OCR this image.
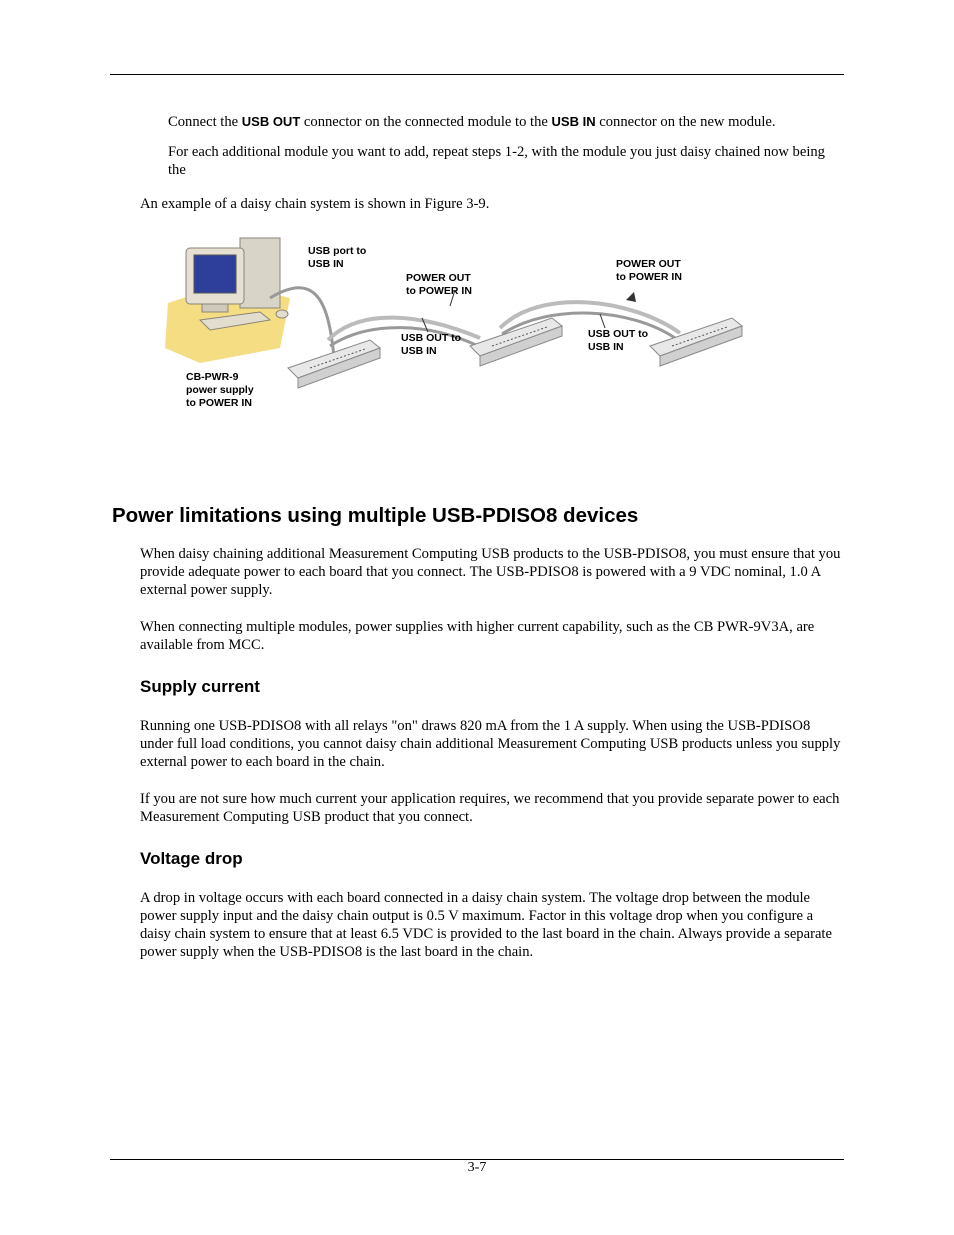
Connect the USB OUT connector on the connected module to the USB IN connector on the new module.

For each additional module you want to add, repeat steps 1-2, with the module you just daisy chained now being the

An example of a daisy chain system is shown in Figure 3-9.

USB port to
USB IN
POWER OUT
to POWER IN
POWER OUT
to POWER IN
USB OUT to
USB IN
USB OUT to
USB IN
CB-PWR-9
power supply
to POWER IN
Power limitations using multiple USB-PDISO8 devices

When daisy chaining additional Measurement Computing USB products to the USB-PDISO8, you must ensure that you provide adequate power to each board that you connect. The USB-PDISO8 is powered with a 9 VDC nominal, 1.0 A external power supply.

When connecting multiple modules, power supplies with higher current capability, such as the CB PWR-9V3A, are available from MCC.

Supply current

Running one USB-PDISO8 with all relays "on" draws 820 mA from the 1 A supply. When using the USB-PDISO8 under full load conditions, you cannot daisy chain additional Measurement Computing USB products unless you supply external power to each board in the chain.

If you are not sure how much current your application requires, we recommend that you provide separate power to each Measurement Computing USB product that you connect.

Voltage drop

A drop in voltage occurs with each board connected in a daisy chain system. The voltage drop between the module power supply input and the daisy chain output is 0.5 V maximum. Factor in this voltage drop when you configure a daisy chain system to ensure that at least 6.5 VDC is provided to the last board in the chain. Always provide a separate power supply when the USB-PDISO8 is the last board in the chain.

3-7
